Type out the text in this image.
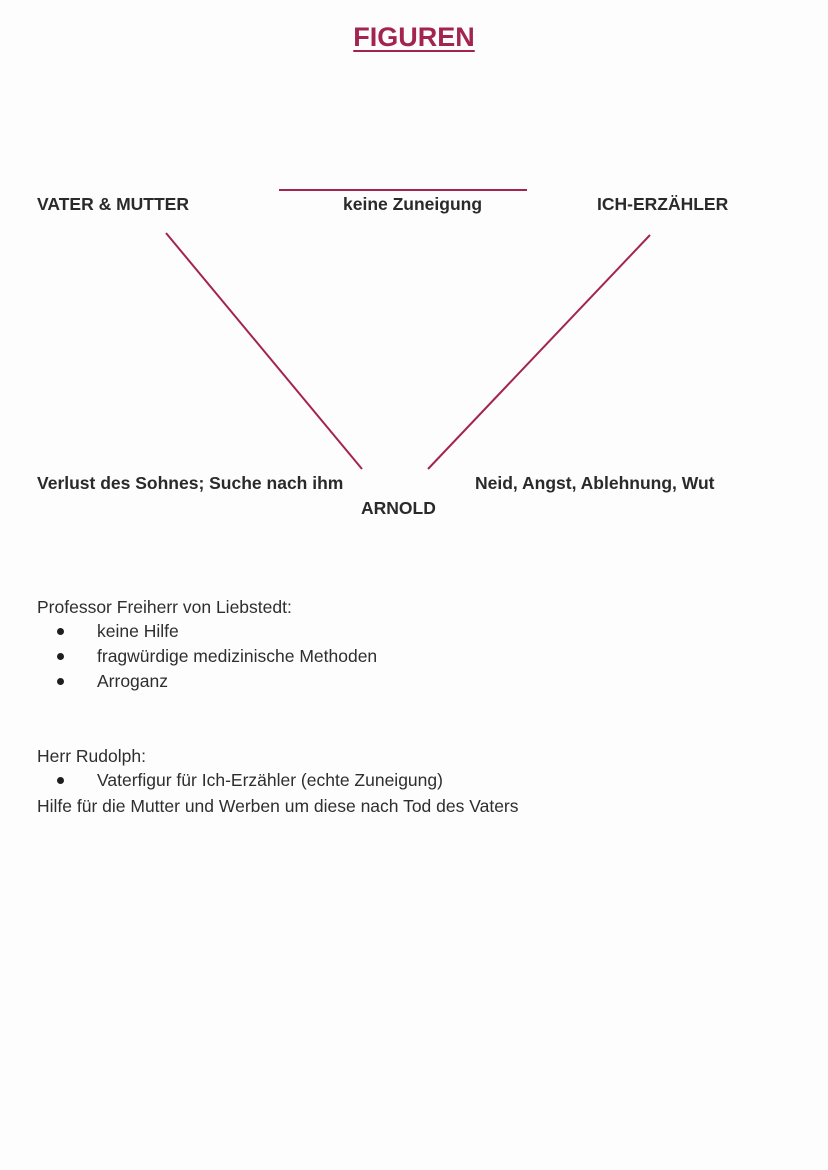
FIGUREN
VATER & MUTTER	keine Zuneigung	ICH-ERZÄHLER
Verlust des Sohnes; Suche nach ihm	Neid, Angst, Ablehnung, Wut
ARNOLD
Professor Freiherr von Liebstedt:
keine Hilfe
fragwürdige medizinische Methoden
Arroganz
Herr Rudolph:
Vaterfigur für Ich-Erzähler (echte Zuneigung)
Hilfe für die Mutter und Werben um diese nach Tod des Vaters
